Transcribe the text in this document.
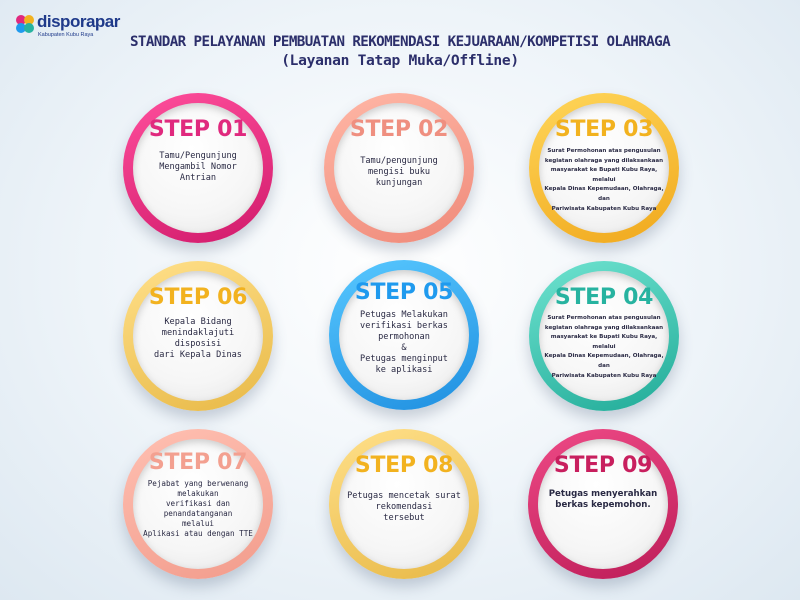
disporapar
Kabupaten Kubu Raya	STANDAR PELAYANAN PEMBUATAN REKOMENDASI KEJUARAAN/KOMPETISI OLAHRAGA
(Layanan Tatap Muka/Offline)
STEP 01
Tamu/Pengunjung
Mengambil Nomor
Antrian
STEP 02
Tamu/pengunjung
mengisi buku
kunjungan
STEP 03
Surat Permohonan atas pengusulan
kegiatan olahraga yang dilaksankaan
masyarakat ke Bupati Kubu Raya, melalui
Kepala Dinas Kepemudaan, Olahraga, dan
Pariwisata Kabupaten Kubu Raya
STEP 06
Kepala Bidang
menindaklajuti
disposisi
dari Kepala Dinas
STEP 05
Petugas Melakukan
verifikasi berkas
permohonan
&
Petugas menginput
ke aplikasi
STEP 04
Surat Permohonan atas pengusulan
kegiatan olahraga yang dilaksankaan
masyarakat ke Bupati Kubu Raya, melalui
Kepala Dinas Kepemudaan, Olahraga, dan
Pariwisata Kabupaten Kubu Raya
STEP 07
Pejabat yang berwenang
melakukan
verifikasi dan penandatanganan
melalui
Aplikasi atau dengan TTE
STEP 08
Petugas mencetak surat
rekomendasi
tersebut
STEP 09
Petugas menyerahkan
berkas kepemohon.
